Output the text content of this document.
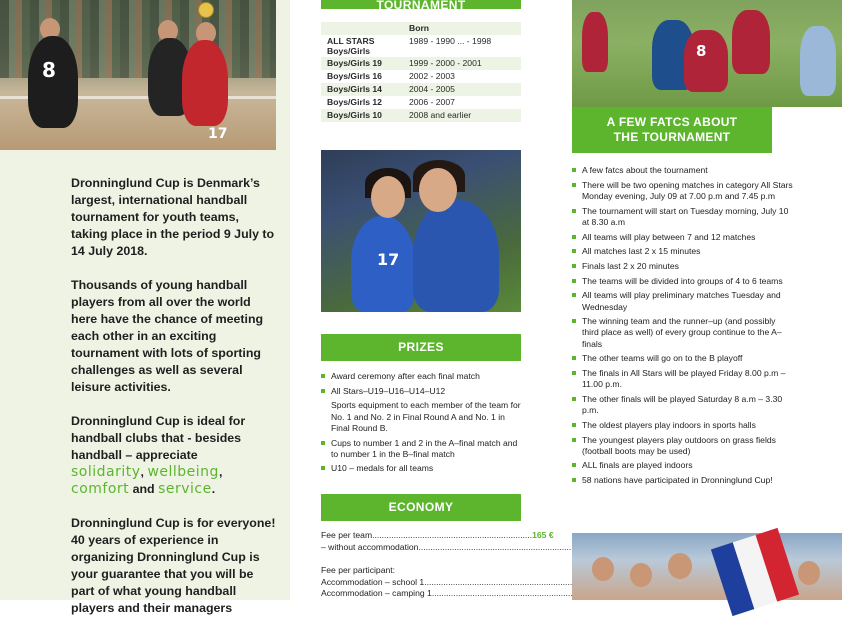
8
17

Dronninglund Cup is Denmark’s largest, international handball tournament for youth teams, taking place in the period 9 July to 14 July 2018.

Thousands of young handball players from all over the world here have the chance of meeting each other in an exciting tournament with lots of sporting challenges as well as several leisure activities.

Dronninglund Cup is ideal for handball clubs that - besides handball – appreciate
solidarity, wellbeing,
comfort and service.

Dronninglund Cup is for everyone! 40 years of experience in organizing Dronninglund Cup is your guarantee that you will be part of what young handball players and their managers

TOURNAMENT
	Born
ALL STARS Boys/Girls	1989 - 1990 ... - 1998
Boys/Girls 19	1999 - 2000 - 2001
Boys/Girls 16	2002 - 2003
Boys/Girls 14	2004 - 2005
Boys/Girls 12	2006 - 2007
Boys/Girls 10	2008 and earlier
17
PRIZES
Award ceremony after each final match
All Stars–U19–U16–U14–U12
Sports equipment to each member of the team for No. 1 and No. 2 in Final Round A and No. 1 in Final Round B.
Cups to number 1 and 2 in the A–final match and to number 1 in the B–final match
U10 – medals for all teams
ECONOMY
Fee per team .....	165 €
– without accommodation
.....
Fee per participant:
Accommodation – school 1
.....
Accommodation – camping 1
.....
8
A FEW FATCS ABOUT
THE TOURNAMENT
A few fatcs about the tournament
There will be two opening matches in category All Stars Monday evening, July 09 at 7.00 p.m and 7.45 p.m
The tournament will start on Tuesday morning, July 10 at 8.30 a.m
All teams will play between 7 and 12 matches
All matches last 2 x 15 minutes
Finals last 2 x 20 minutes
The teams will be divided into groups of 4 to 6 teams
All teams will play preliminary matches Tuesday and Wednesday
The winning team and the runner–up (and possibly third place as well) of every group continue to the A–finals
The other teams will go on to the B playoff
The finals in All Stars will be played Friday 8.00 p.m – 11.00 p.m.
The other finals will be played Saturday 8 a.m – 3.30 p.m.
The oldest players play indoors in sports halls
The youngest players play outdoors on grass fields (football boots may be used)
ALL finals are played indoors
58 nations have participated in Dronninglund Cup!
